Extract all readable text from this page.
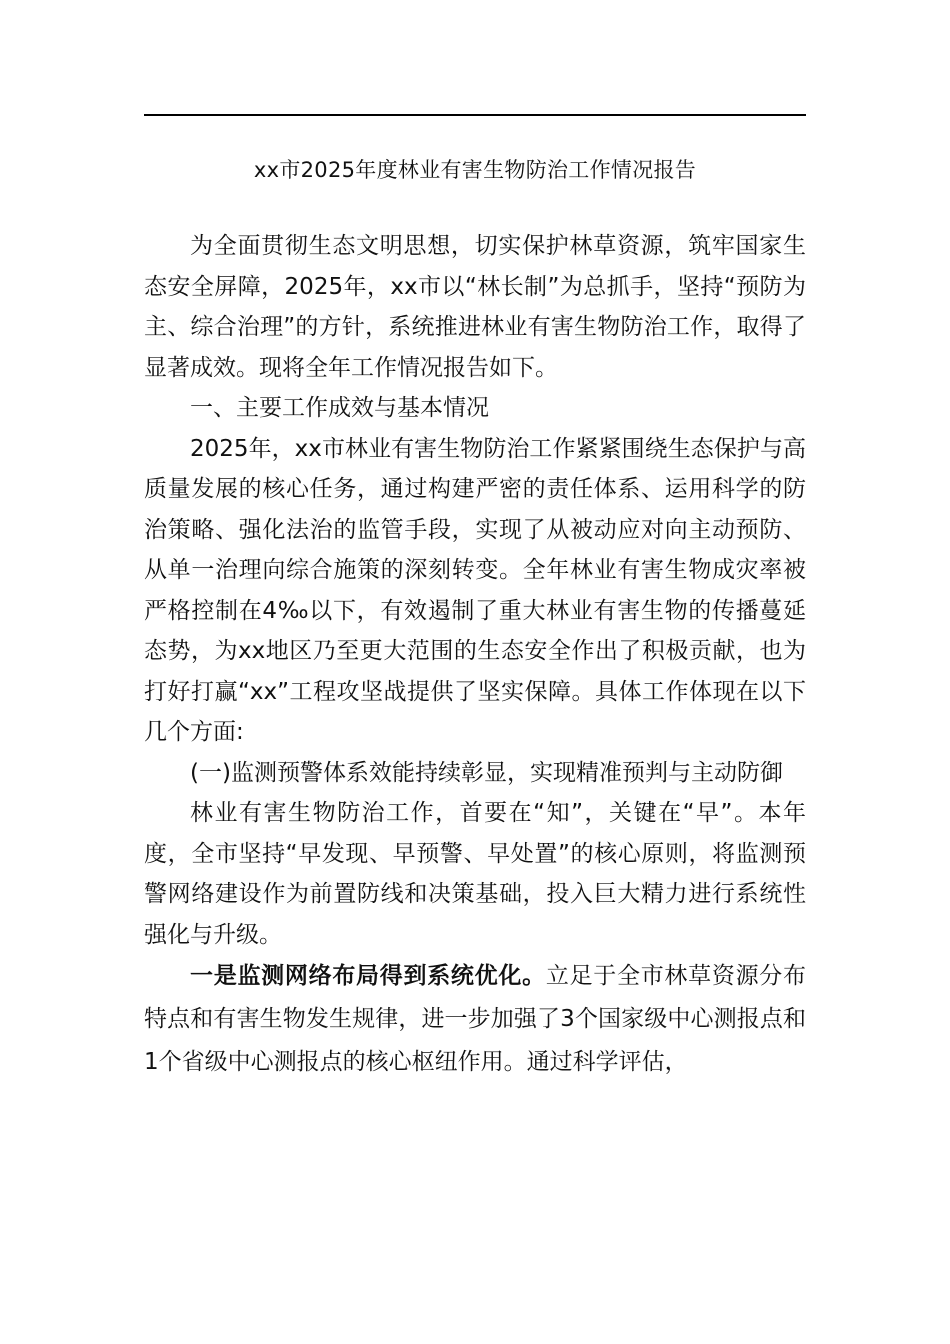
xx市2025年度林业有害生物防治工作情况报告

为全面贯彻生态文明思想，切实保护林草资源，筑牢国家生态安全屏障，2025年，xx市以“林长制”为总抓手，坚持“预防为主、综合治理”的方针，系统推进林业有害生物防治工作，取得了显著成效。现将全年工作情况报告如下。

一、主要工作成效与基本情况

2025年，xx市林业有害生物防治工作紧紧围绕生态保护与高质量发展的核心任务，通过构建严密的责任体系、运用科学的防治策略、强化法治的监管手段，实现了从被动应对向主动预防、从单一治理向综合施策的深刻转变。全年林业有害生物成灾率被严格控制在4‰以下，有效遏制了重大林业有害生物的传播蔓延态势，为xx地区乃至更大范围的生态安全作出了积极贡献，也为打好打赢“xx”工程攻坚战提供了坚实保障。具体工作体现在以下几个方面:

(一)监测预警体系效能持续彰显，实现精准预判与主动防御

林业有害生物防治工作，首要在“知”，关键在“早”。本年度，全市坚持“早发现、早预警、早处置”的核心原则，将监测预警网络建设作为前置防线和决策基础，投入巨大精力进行系统性强化与升级。

一是监测网络布局得到系统优化。立足于全市林草资源分布特点和有害生物发生规律，进一步加强了3个国家级中心测报点和1个省级中心测报点的核心枢纽作用。通过科学评估，
